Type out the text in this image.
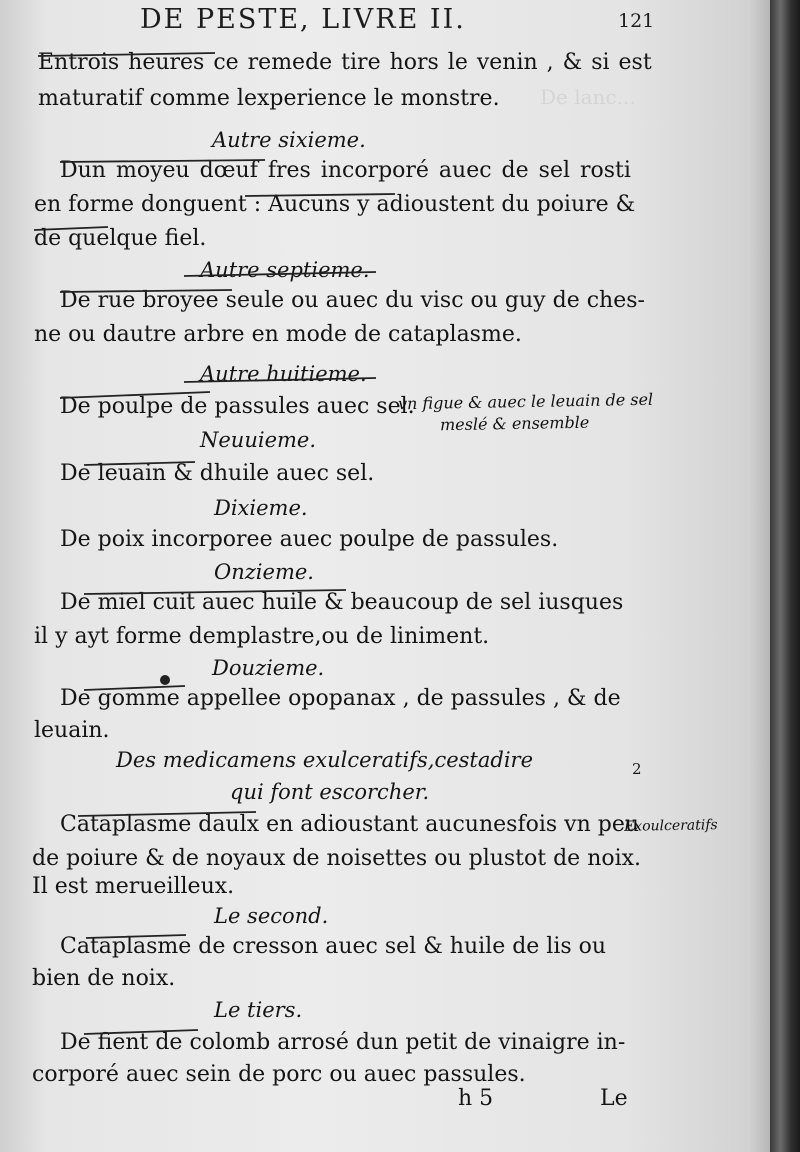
De lanc...
DE PESTE, LIVRE II.	121
Entrois heures ce remede tire hors le venin , & si est
maturatif comme lexperience le monstre.
Autre sixieme.
Dun moyeu dœuf fres incorporé auec de sel rosti
en forme donguent : Aucuns y adioustent du poiure &
de quelque fiel.
Autre septieme.
De rue broyee seule ou auec du visc ou guy de ches-
ne ou dautre arbre en mode de cataplasme.
Autre huitieme.
De poulpe de passules auec sel.
Neuuieme.
De leuain & dhuile auec sel.
Dixieme.
De poix incorporee auec poulpe de passules.
Onzieme.
De miel cuit auec huile & beaucoup de sel iusques
il y ayt forme demplastre,ou de liniment.
Douzieme.
De gomme appellee opopanax , de passules , & de
leuain.
Des medicamens exulceratifs,cestadire
qui font escorcher.
Cataplasme daulx en adioustant aucunesfois vn peu
de poiure & de noyaux de noisettes ou plustot de noix.
Il est merueilleux.
Le second.
Cataplasme de cresson auec sel & huile de lis ou
bien de noix.
Le tiers.
De fient de colomb arrosé dun petit de vinaigre in-
corporé auec sein de porc ou auec passules.
vn figue & auec le leuain de sel
meslé & ensemble
Exoulceratifs
2
h 5	Le
